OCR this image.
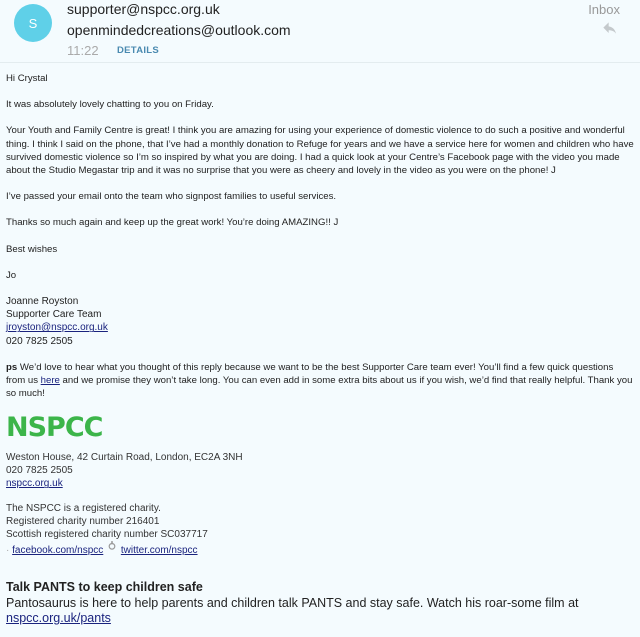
S
supporter@nspcc.org.uk
openmindedcreations@outlook.com
11:22 DETAILS
Inbox

Hi Crystal

It was absolutely lovely chatting to you on Friday.

Your Youth and Family Centre is great! I think you are amazing for using your experience of domestic violence to do such a positive and wonderful thing. I think I said on the phone, that I’ve had a monthly donation to Refuge for years and we have a service here for women and children who have survived domestic violence so I’m so inspired by what you are doing. I had a quick look at your Centre’s Facebook page with the video you made about the Studio Megastar trip and it was no surprise that you were as cheery and lovely in the video as you were on the phone! J

I’ve passed your email onto the team who signpost families to useful services.

Thanks so much again and keep up the great work! You’re doing AMAZING!! J

Best wishes

Jo

Joanne Royston
Supporter Care Team
jroyston@nspcc.org.uk
020 7825 2505

ps We’d love to hear what you thought of this reply because we want to be the best Supporter Care team ever! You’ll find a few quick questions from us here and we promise they won’t take long. You can even add in some extra bits about us if you wish, we’d find that really helpful. Thank you so much!

NSPCC
Weston House, 42 Curtain Road, London, EC2A 3NH
020 7825 2505
nspcc.org.uk
The NSPCC is a registered charity.
Registered charity number 216401
Scottish registered charity number SC037717
· facebook.com/nspcc twitter.com/nspcc
Talk PANTS to keep children safe
Pantosaurus is here to help parents and children talk PANTS and stay safe. Watch his roar-some film at
nspcc.org.uk/pants
